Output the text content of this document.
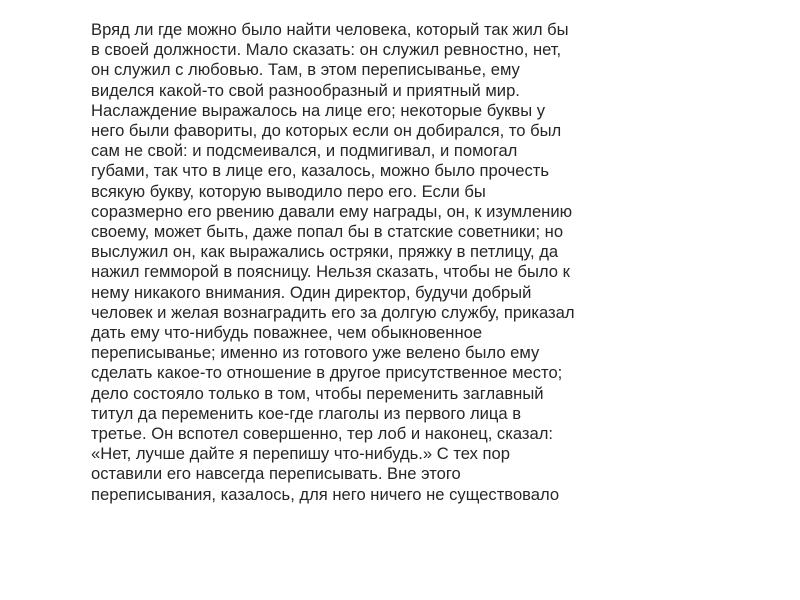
Вряд ли где можно было найти человека, который так жил бы
в своей должности. Мало сказать: он служил ревностно, нет,
он служил с любовью. Там, в этом переписыванье, ему
виделся какой-то свой разнообразный и приятный мир.
Наслаждение выражалось на лице его; некоторые буквы у
него были фавориты, до которых если он добирался, то был
сам не свой: и подсмеивался, и подмигивал, и помогал
губами, так что в лице его, казалось, можно было прочесть
всякую букву, которую выводило перо его. Если бы
соразмерно его рвению давали ему награды, он, к изумлению
своему, может быть, даже попал бы в статские советники; но
выслужил он, как выражались остряки, пряжку в петлицу, да
нажил гемморой в поясницу. Нельзя сказать, чтобы не было к
нему никакого внимания. Один директор, будучи добрый
человек и желая вознаградить его за долгую службу, приказал
дать ему что-нибудь поважнее, чем обыкновенное
переписыванье; именно из готового уже велено было ему
сделать какое-то отношение в другое присутственное место;
дело состояло только в том, чтобы переменить заглавный
титул да переменить кое-где глаголы из первого лица в
третье. Он вспотел совершенно, тер лоб и наконец, сказал:
«Нет, лучше дайте я перепишу что-нибудь.» С тех пор
оставили его навсегда переписывать. Вне этого
переписывания, казалось, для него ничего не существовало
